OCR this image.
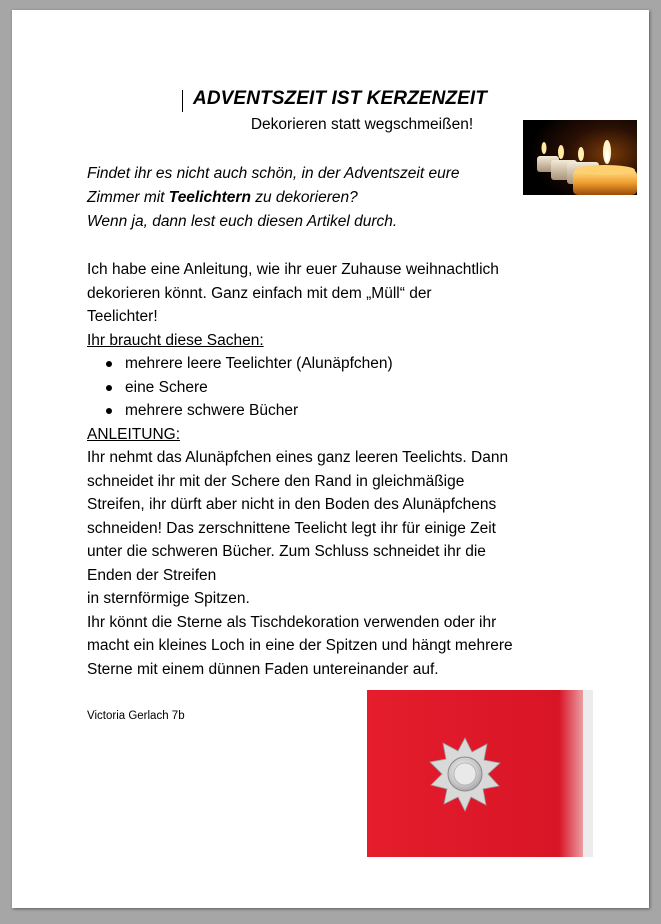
ADVENTSZEIT IST KERZENZEIT
Dekorieren statt wegschmeißen!
Findet ihr es nicht auch schön, in der Adventszeit eure
Zimmer mit Teelichtern zu dekorieren?
Wenn ja, dann lest euch diesen Artikel durch.
Ich habe eine Anleitung, wie ihr euer Zuhause weihnachtlich
dekorieren könnt. Ganz einfach mit dem „Müll“ der
Teelichter!
Ihr braucht diese Sachen:
mehrere leere Teelichter (Alunäpfchen)
eine Schere
mehrere schwere Bücher
ANLEITUNG:
Ihr nehmt das Alunäpfchen eines ganz leeren Teelichts. Dann
schneidet ihr mit der Schere den Rand in gleichmäßige
Streifen, ihr dürft aber nicht in den Boden des Alunäpfchens
schneiden! Das zerschnittene Teelicht legt ihr für einige Zeit
unter die schweren Bücher. Zum Schluss schneidet ihr die
Enden der Streifen
in sternförmige Spitzen.
Ihr könnt die Sterne als Tischdekoration verwenden oder ihr
macht ein kleines Loch in eine der Spitzen und hängt mehrere
Sterne mit einem dünnen Faden untereinander auf.
Victoria Gerlach 7b
